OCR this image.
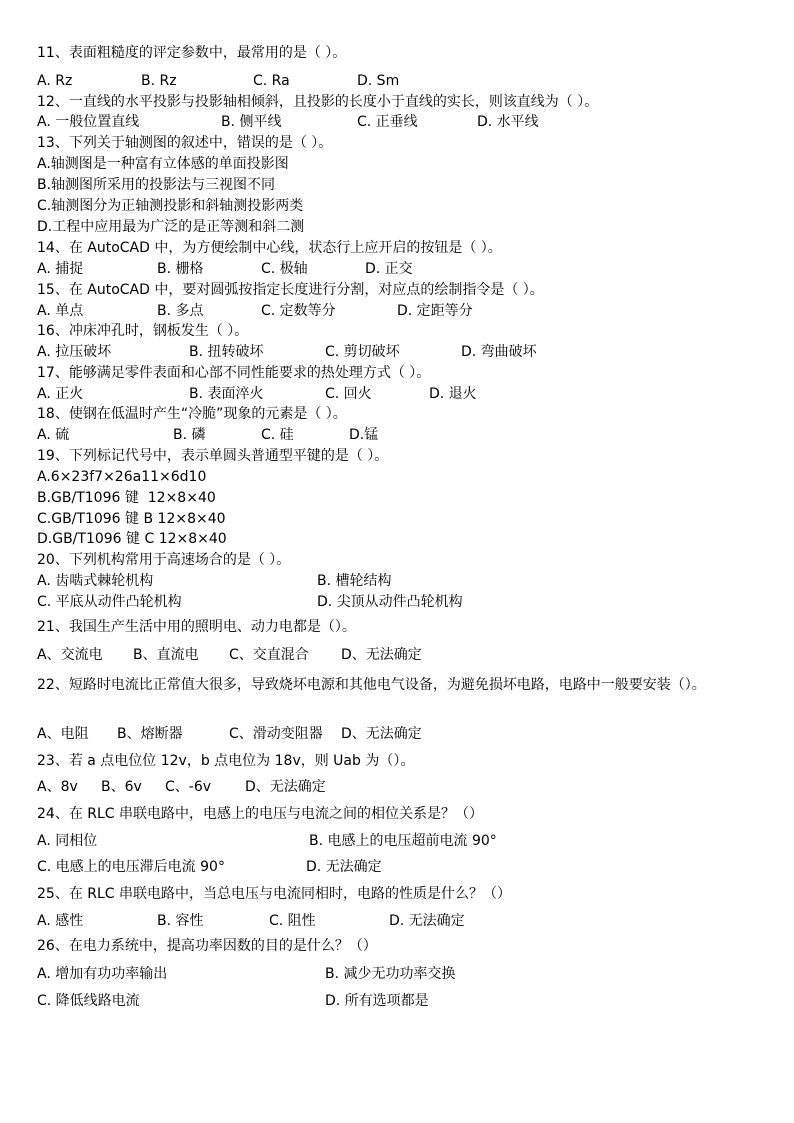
11、表面粗糙度的评定参数中，最常用的是（ ）。
A. Rz	B. Rz	C. Ra	D. Sm
12、一直线的水平投影与投影轴相倾斜，且投影的长度小于直线的实长，则该直线为（ ）。
A. 一般位置直线	B. 侧平线	C. 正垂线	D. 水平线
13、下列关于轴测图的叙述中，错误的是（ ）。
A.轴测图是一种富有立体感的单面投影图
B.轴测图所采用的投影法与三视图不同
C.轴测图分为正轴测投影和斜轴测投影两类
D.工程中应用最为广泛的是正等测和斜二测
14、在 AutoCAD 中，为方便绘制中心线，状态行上应开启的按钮是（ ）。
A. 捕捉	B. 栅格	C. 极轴	D. 正交
15、在 AutoCAD 中，要对圆弧按指定长度进行分割，对应点的绘制指令是（ ）。
A. 单点	B. 多点	C. 定数等分	D. 定距等分
16、冲床冲孔时，钢板发生（ ）。
A. 拉压破坏	B. 扭转破坏	C. 剪切破坏	D. 弯曲破坏
17、能够满足零件表面和心部不同性能要求的热处理方式（ ）。
A. 正火	B. 表面淬火	C. 回火	D. 退火
18、使钢在低温时产生“冷脆”现象的元素是（ ）。
A. 硫	B. 磷	C. 硅	D.锰
19、下列标记代号中，表示单圆头普通型平键的是（ ）。
A.6×23f7×26a11×6d10
B.GB/T1096 键  12×8×40
C.GB/T1096 键 B 12×8×40
D.GB/T1096 键 C 12×8×40
20、下列机构常用于高速场合的是（ ）。
A. 齿啮式棘轮机构	B. 槽轮结构
C. 平底从动件凸轮机构	D. 尖顶从动件凸轮机构
21、我国生产生活中用的照明电、动力电都是（）。
A、交流电 B、直流电 C、交直混合 D、无法确定
22、短路时电流比正常值大很多，导致烧坏电源和其他电气设备，为避免损坏电路，电路中一般要安装（）。
A、电阻 B、熔断器	C、滑动变阻器 D、无法确定
23、若 a 点电位位 12v，b 点电位为 18v，则 Uab 为（）。
A、8v B、6v C、-6v D、无法确定
24、在 RLC 串联电路中，电感上的电压与电流之间的相位关系是？（）
A. 同相位	B. 电感上的电压超前电流 90°
C. 电感上的电压滞后电流 90°	D. 无法确定
25、在 RLC 串联电路中，当总电压与电流同相时，电路的性质是什么？（）
A. 感性	B. 容性	C. 阻性	D. 无法确定
26、在电力系统中，提高功率因数的目的是什么？（）
A. 增加有功功率输出	B. 减少无功功率交换
C. 降低线路电流	D. 所有选项都是
